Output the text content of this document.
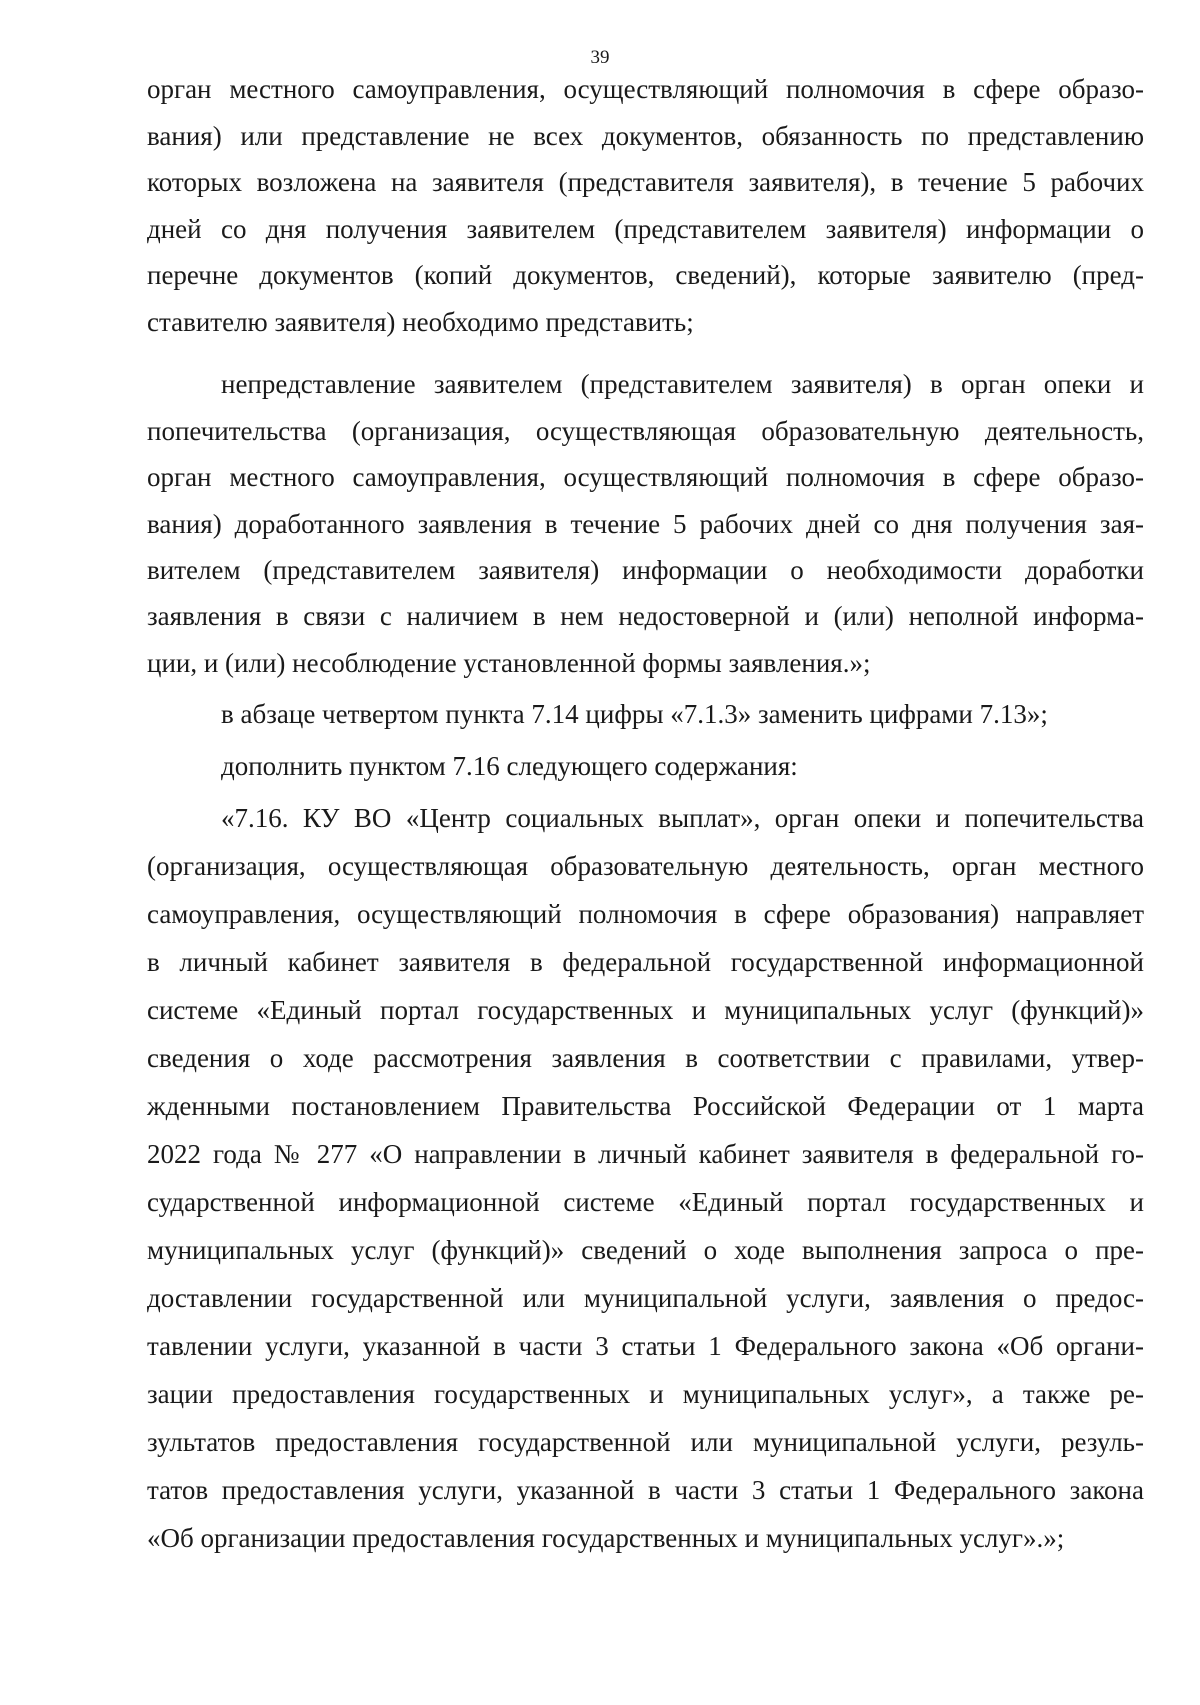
39
орган местного самоуправления, осуществляющий полномочия в сфере образо-
вания) или представление не всех документов, обязанность по представлению
которых возложена на заявителя (представителя заявителя), в течение 5 рабочих
дней со дня получения заявителем (представителем заявителя) информации о
перечне документов (копий документов, сведений), которые заявителю (пред-
ставителю заявителя) необходимо представить;
непредставление заявителем (представителем заявителя) в орган опеки и
попечительства (организация, осуществляющая образовательную деятельность,
орган местного самоуправления, осуществляющий полномочия в сфере образо-
вания) доработанного заявления в течение 5 рабочих дней со дня получения зая-
вителем (представителем заявителя) информации о необходимости доработки
заявления в связи с наличием в нем недостоверной и (или) неполной информа-
ции, и (или) несоблюдение установленной формы заявления.»;
в абзаце четвертом пункта 7.14 цифры «7.1.3» заменить цифрами 7.13»;
дополнить пунктом 7.16 следующего содержания:
«7.16. КУ ВО «Центр социальных выплат», орган опеки и попечительства
(организация, осуществляющая образовательную деятельность, орган местного
самоуправления, осуществляющий полномочия в сфере образования) направляет
в личный кабинет заявителя в федеральной государственной информационной
системе «Единый портал государственных и муниципальных услуг (функций)»
сведения о ходе рассмотрения заявления в соответствии с правилами, утвер-
жденными постановлением Правительства Российской Федерации от 1 марта
2022 года № 277 «О направлении в личный кабинет заявителя в федеральной го-
сударственной информационной системе «Единый портал государственных и
муниципальных услуг (функций)» сведений о ходе выполнения запроса о пре-
доставлении государственной или муниципальной услуги, заявления о предос-
тавлении услуги, указанной в части 3 статьи 1 Федерального закона «Об органи-
зации предоставления государственных и муниципальных услуг», а также ре-
зультатов предоставления государственной или муниципальной услуги, резуль-
татов предоставления услуги, указанной в части 3 статьи 1 Федерального закона
«Об организации предоставления государственных и муниципальных услуг».»;
